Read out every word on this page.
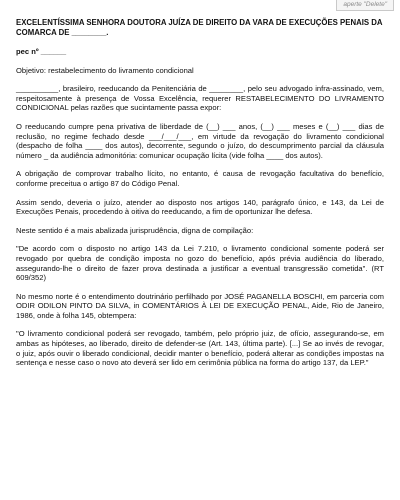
aperte "Delete"
EXCELENTÍSSIMA SENHORA DOUTORA JUÍZA DE DIREITO DA VARA DE EXECUÇÕES PENAIS DA COMARCA DE ________.
pec nº ______

Objetivo: restabelecimento do livramento condicional

__________, brasileiro, reeducando da Penitenciária de ________, pelo seu advogado infra-assinado, vem, respeitosamente à presença de Vossa Excelência, requerer RESTABELECIMENTO DO LIVRAMENTO CONDICIONAL pelas razões que sucintamente passa expor:

O reeducando cumpre pena privativa de liberdade de (__) ___ anos, (__) ___ meses e (__) ___ dias de reclusão, no regime fechado desde ___/___/___, em virtude da revogação do livramento condicional (despacho de folha ____ dos autos), decorrente, segundo o juízo, do descumprimento parcial da cláusula número _ da audiência admonitória: comunicar ocupação lícita (vide folha ____ dos autos).

A obrigação de comprovar trabalho lícito, no entanto, é causa de revogação facultativa do benefício, conforme preceitua o artigo 87 do Código Penal.

Assim sendo, deveria o juízo, atender ao disposto nos artigos 140, parágrafo único, e 143, da Lei de Execuções Penais, procedendo à oitiva do reeducando, a fim de oportunizar lhe defesa.

Neste sentido é a mais abalizada jurisprudência, digna de compilação:

"De acordo com o disposto no artigo 143 da Lei 7.210, o livramento condicional somente poderá ser revogado por quebra de condição imposta no gozo do benefício, após prévia audiência do liberado, assegurando-lhe o direito de fazer prova destinada a justificar a eventual transgressão cometida". (RT 609/352)

No mesmo norte é o entendimento doutrinário perfilhado por JOSÉ PAGANELLA BOSCHI, em parceria com ODIR ODILON PINTO DA SILVA, in COMENTÁRIOS À LEI DE EXECUÇÃO PENAL, Aide, Rio de Janeiro, 1986, onde à folha 145, obtempera:

"O livramento condicional poderá ser revogado, também, pelo próprio juiz, de ofício, assegurando-se, em ambas as hipóteses, ao liberado, direito de defender-se (Art. 143, última parte). [...] Se ao invés de revogar, o juiz, após ouvir o liberado condicional, decidir manter o benefício, poderá alterar as condições impostas na sentença e nesse caso o novo ato deverá ser lido em cerimônia pública na forma do artigo 137, da LEP."
